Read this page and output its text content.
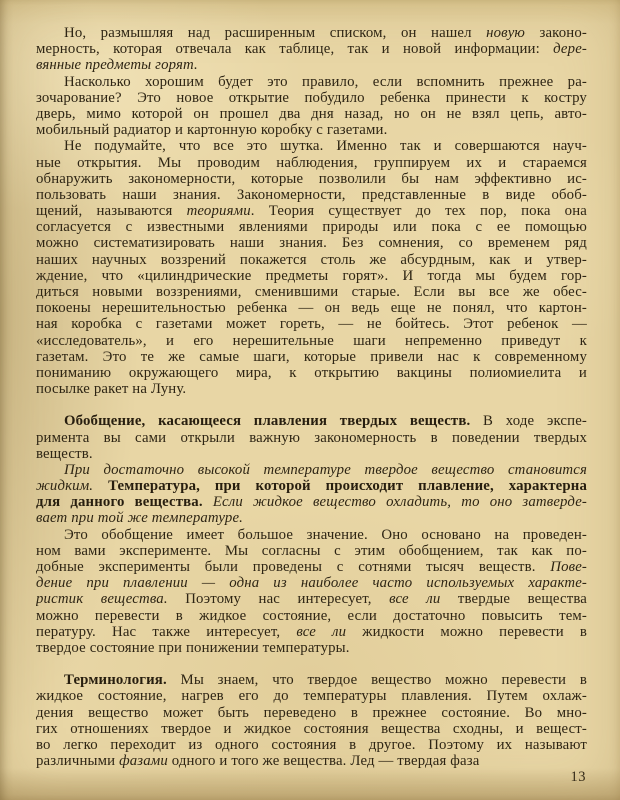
Но, размышляя над расширенным списком, он нашел новую законо-
мерность, которая отвечала как таблице, так и новой информации: дере-
вянные предметы горят.
Насколько хорошим будет это правило, если вспомнить прежнее ра-
зочарование? Это новое открытие побудило ребенка принести к костру
дверь, мимо которой он прошел два дня назад, но он не взял цепь, авто-
мобильный радиатор и картонную коробку с газетами.
Не подумайте, что все это шутка. Именно так и совершаются науч-
ные открытия. Мы проводим наблюдения, группируем их и стараемся
обнаружить закономерности, которые позволили бы нам эффективно ис-
пользовать наши знания. Закономерности, представленные в виде обоб-
щений, называются теориями. Теория существует до тех пор, пока она
согласуется с известными явлениями природы или пока с ее помощью
можно систематизировать наши знания. Без сомнения, со временем ряд
наших научных воззрений покажется столь же абсурдным, как и утвер-
ждение, что «цилиндрические предметы горят». И тогда мы будем гор-
диться новыми воззрениями, сменившими старые. Если вы все же обес-
покоены нерешительностью ребенка — он ведь еще не понял, что картон-
ная коробка с газетами может гореть, — не бойтесь. Этот ребенок —
«исследователь», и его нерешительные шаги непременно приведут к
газетам. Это те же самые шаги, которые привели нас к современному
пониманию окружающего мира, к открытию вакцины полиомиелита и
посылке ракет на Луну.
Обобщение, касающееся плавления твердых веществ. В ходе экспе-
римента вы сами открыли важную закономерность в поведении твердых
веществ.
При достаточно высокой температуре твердое вещество становится
жидким. Температура, при которой происходит плавление, характерна
для данного вещества. Если жидкое вещество охладить, то оно затверде-
вает при той же температуре.
Это обобщение имеет большое значение. Оно основано на проведен-
ном вами эксперименте. Мы согласны с этим обобщением, так как по-
добные эксперименты были проведены с сотнями тысяч веществ. Пове-
дение при плавлении — одна из наиболее часто используемых характе-
ристик вещества. Поэтому нас интересует, все ли твердые вещества
можно перевести в жидкое состояние, если достаточно повысить тем-
пературу. Нас также интересует, все ли жидкости можно перевести в
твердое состояние при понижении температуры.
Терминология. Мы знаем, что твердое вещество можно перевести в
жидкое состояние, нагрев его до температуры плавления. Путем охлаж-
дения вещество может быть переведено в прежнее состояние. Во мно-
гих отношениях твердое и жидкое состояния вещества сходны, и вещест-
во легко переходит из одного состояния в другое. Поэтому их называют
различными фазами одного и того же вещества. Лед — твердая фаза
13
